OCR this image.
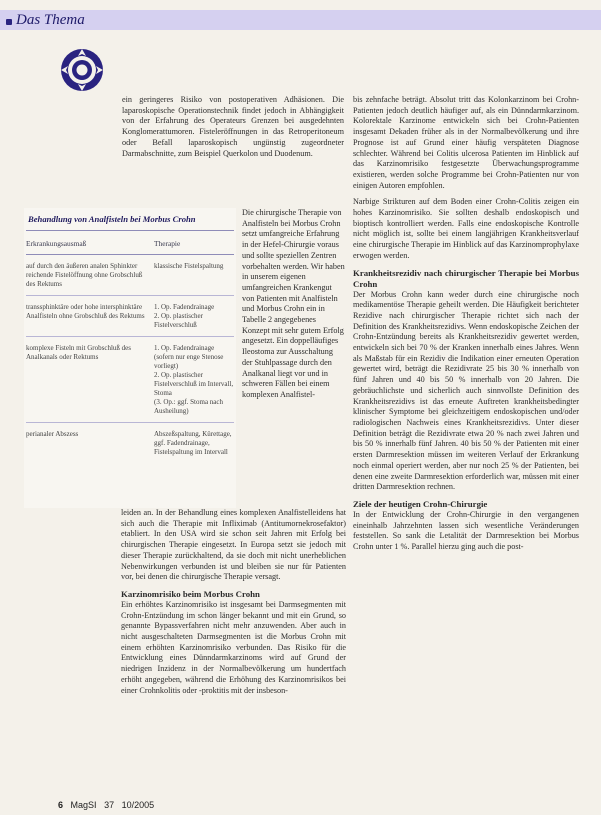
Das Thema

ein geringeres Risiko von postoperativen Adhäsionen. Die laparoskopische Operationstechnik findet jedoch in Abhängigkeit von der Erfahrung des Operateurs Grenzen bei ausgedehnten Konglomerattumoren. Fisteleröffnungen in das Retroperitoneum oder Befall laparoskopisch ungünstig zugeordneter Darmabschnitte, zum Beispiel Querkolon und Duodenum.

Behandlung von Analfisteln bei Morbus Crohn
Erkrankungsausmaß	Therapie
auf durch den äußeren analen Sphinkter reichende Fistelöffnung ohne Grobschluß des Rektums
klassische Fistelspaltung
transsphinktäre oder hohe intersphinktäre Analfisteln ohne Grobschluß des Rektums
1. Op. Fadendrainage
2. Op. plastischer Fistelverschluß
komplexe Fisteln mit Grobschluß des Analkanals oder Rektums
1. Op. Fadendrainage (sofern nur enge Stenose vorliegt)
2. Op. plastischer Fistelverschluß im Intervall, Stoma
(3. Op.: ggf. Stoma nach Ausheilung)
perianaler Abszess	Abszeßspaltung, Kürettage,
ggf. Fadendrainage, Fistelspaltung im Intervall

Die chirurgische Therapie von Analfisteln bei Morbus Crohn setzt umfangreiche Erfahrung in der Hefel-Chirurgie voraus und sollte speziellen Zentren vorbehalten werden. Wir haben in unserem eigenen umfangreichen Krankengut von Patienten mit Analfisteln und Morbus Crohn ein in Tabelle 2 angegebenes Konzept mit sehr gutem Erfolg angesetzt. Ein doppelläufiges Ileostoma zur Ausschaltung der Stuhlpassage durch den Analkanal liegt vor und in schweren Fällen bei einem komplexen Analfistel-

leiden an. In der Behandlung eines komplexen Analfistelleidens hat sich auch die Therapie mit Infliximab (Antitumornekrosefaktor) etabliert. In den USA wird sie schon seit Jahren mit Erfolg bei chirurgischen Therapie eingesetzt. In Europa setzt sie jedoch mit dieser Therapie zurückhaltend, da sie doch mit nicht unerheblichen Nebenwirkungen verbunden ist und bleiben sie nur für Patienten vor, bei denen die chirurgische Therapie versagt.

Karzinomrisiko beim Morbus Crohn

Ein erhöhtes Karzinomrisiko ist insgesamt bei Darmsegmenten mit Crohn-Entzündung im schon länger bekannt und mit ein Grund, so genannte Bypassverfahren nicht mehr anzuwenden. Aber auch in nicht ausgeschalteten Darmsegmenten ist die Morbus Crohn mit einem erhöhten Karzinomrisiko verbunden. Das Risiko für die Entwicklung eines Dünndarmkarzinoms wird auf Grund der niedrigen Inzidenz in der Normalbevölkerung um hundertfach erhöht angegeben, während die Erhöhung des Karzinomrisikos bei einer Crohnkolitis oder -proktitis mit der insbeson-

bis zehnfache beträgt. Absolut tritt das Kolonkarzinom bei Crohn-Patienten jedoch deutlich häufiger auf, als ein Dünndarmkarzinom. Kolorektale Karzinome entwickeln sich bei Crohn-Patienten insgesamt Dekaden früher als in der Normalbevölkerung und ihre Prognose ist auf Grund einer häufig verspäteten Diagnose schlechter. Während bei Colitis ulcerosa Patienten im Hinblick auf das Karzinomrisiko festgesetzte Überwachungsprogramme existieren, werden solche Programme bei Crohn-Patienten nur von einigen Autoren empfohlen.

Narbige Strikturen auf dem Boden einer Crohn-Colitis zeigen ein hohes Karzinomrisiko. Sie sollten deshalb endoskopisch und bioptisch kontrolliert werden. Falls eine endoskopische Kontrolle nicht möglich ist, sollte bei einem langjährigen Krankheitsverlauf eine chirurgische Therapie im Hinblick auf das Karzinomprophylaxe erwogen werden.

Krankheitsrezidiv nach chirurgischer Therapie bei Morbus Crohn

Der Morbus Crohn kann weder durch eine chirurgische noch medikamentöse Therapie geheilt werden. Die Häufigkeit berichteter Rezidive nach chirurgischer Therapie richtet sich nach der Definition des Krankheitsrezidivs. Wenn endoskopische Zeichen der Crohn-Entzündung bereits als Krankheitsrezidiv gewertet werden, entwickeln sich bei 70 % der Kranken innerhalb eines Jahres. Wenn als Maßstab für ein Rezidiv die Indikation einer erneuten Operation gewertet wird, beträgt die Rezidivrate 25 bis 30 % innerhalb von fünf Jahren und 40 bis 50 % innerhalb von 20 Jahren. Die gebräuchlichste und sicherlich auch sinnvollste Definition des Krankheitsrezidivs ist das erneute Auftreten krankheitsbedingter klinischer Symptome bei gleichzeitigem endoskopischen und/oder radiologischen Nachweis eines Krankheitsrezidivs. Unter dieser Definition beträgt die Rezidivrate etwa 20 % nach zwei Jahren und bis 50 % innerhalb fünf Jahren. 40 bis 50 % der Patienten mit einer ersten Darmresektion müssen im weiteren Verlauf der Erkrankung noch einmal operiert werden, aber nur noch 25 % der Patienten, bei denen eine zweite Darmresektion erforderlich war, müssen mit einer dritten Darmresektion rechnen.

Ziele der heutigen Crohn-Chirurgie

In der Entwicklung der Crohn-Chirurgie in den vergangenen eineinhalb Jahrzehnten lassen sich wesentliche Veränderungen feststellen. So sank die Letalität der Darmresektion bei Morbus Crohn unter 1 %. Parallel hierzu ging auch die post-

6 MagSI 37 10/2005
